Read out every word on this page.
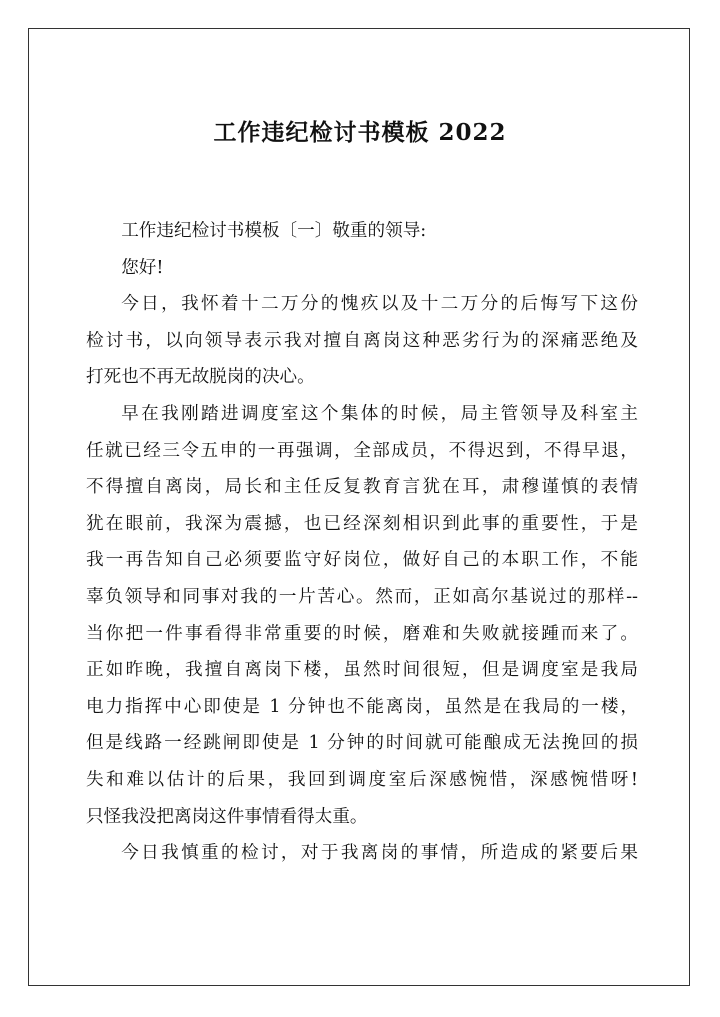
工作违纪检讨书模板 2022
工作违纪检讨书模板〔一〕敬重的领导:
您好!
今日，我怀着十二万分的愧疚以及十二万分的后悔写下这份
检讨书，以向领导表示我对擅自离岗这种恶劣行为的深痛恶绝及
打死也不再无故脱岗的决心。
早在我刚踏进调度室这个集体的时候，局主管领导及科室主
任就已经三令五申的一再强调，全部成员，不得迟到，不得早退，
不得擅自离岗，局长和主任反复教育言犹在耳，肃穆谨慎的表情
犹在眼前，我深为震撼，也已经深刻相识到此事的重要性，于是
我一再告知自己必须要监守好岗位，做好自己的本职工作，不能
辜负领导和同事对我的一片苦心。然而，正如高尔基说过的那样--
当你把一件事看得非常重要的时候，磨难和失败就接踵而来了。
正如昨晚，我擅自离岗下楼，虽然时间很短，但是调度室是我局
电力指挥中心即使是 1 分钟也不能离岗，虽然是在我局的一楼，
但是线路一经跳闸即使是 1 分钟的时间就可能酿成无法挽回的损
失和难以估计的后果，我回到调度室后深感惋惜，深感惋惜呀!
只怪我没把离岗这件事情看得太重。
今日我慎重的检讨，对于我离岗的事情，所造成的紧要后果
